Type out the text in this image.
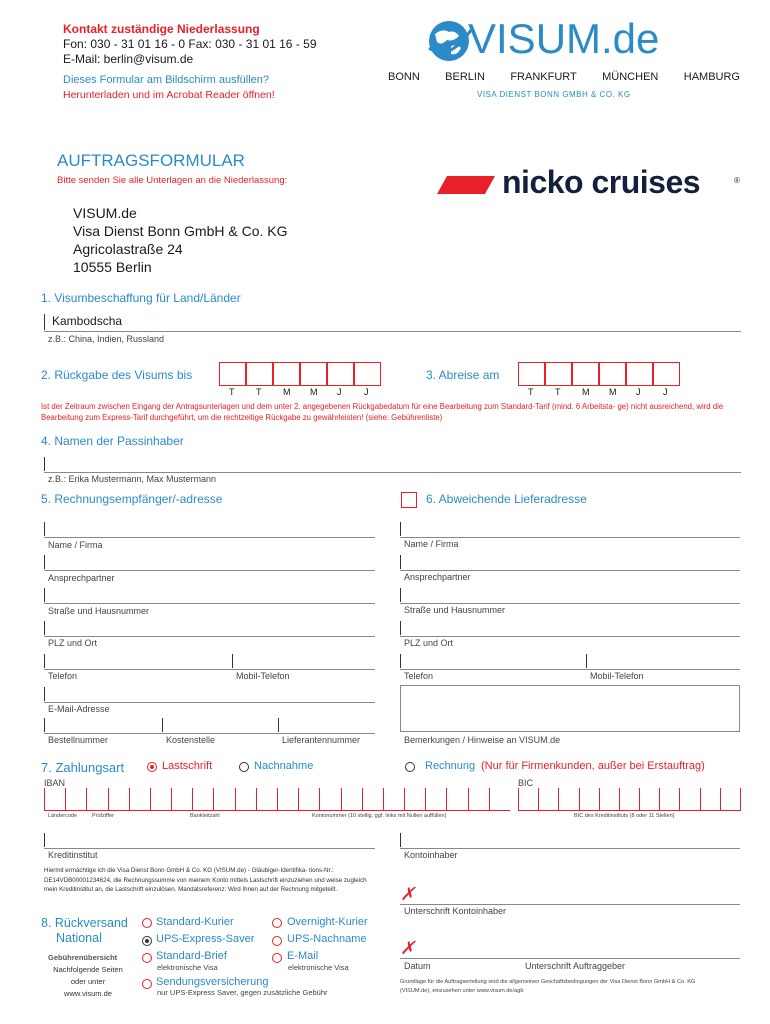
Kontakt zuständige Niederlassung
Fon: 030 - 31 01 16 - 0 Fax: 030 - 31 01 16 - 59
E-Mail: berlin@visum.de
Dieses Formular am Bildschirm ausfüllen?
Herunterladen und im Acrobat Reader öffnen!
VISUM.de
BONN BERLIN FRANKFURT MÜNCHEN HAMBURG
VISA DIENST BONN GMBH & CO. KG
nicko cruises	®
AUFTRAGSFORMULAR
Bitte senden Sie alle Unterlagen an die Niederlassung:
VISUM.de
Visa Dienst Bonn GmbH & Co. KG
Agricolastraße 24
10555 Berlin
1. Visumbeschaffung für Land/Länder
Kambodscha
z.B.: China, Indien, Russland
2. Rückgabe des Visums bis
T T M M J	J
3. Abreise am
T T M M J	J
Ist der Zeitraum zwischen Eingang der Antragsunterlagen und dem unter 2. angegebenen Rückgabedatum für eine Bearbeitung zum Standard-Tarif (mind. 6 Arbeitsta- ge) nicht ausreichend, wird die Bearbeitung zum Express-Tarif durchgeführt, um die rechtzeitige Rückgabe zu gewährleisten! (siehe: Gebührenliste)
4. Namen der Passinhaber
z.B.: Erika Mustermann, Max Mustermann
5. Rechnungsempfänger/-adresse
Name / Firma
Ansprechpartner
Straße und Hausnummer
PLZ und Ort
Telefon	Mobil-Telefon
E-Mail-Adresse
Bestellnummer	Kostenstelle	Lieferantennummer
6. Abweichende Lieferadresse
Name / Firma
Ansprechpartner
Straße und Hausnummer
PLZ und Ort
Telefon	Mobil-Telefon
Bemerkungen / Hinweise an VISUM.de
7. Zahlungsart	Lastschrift	Nachnahme	Rechnung (Nur für Firmenkunden, außer bei Erstauftrag)
IBAN	BIC
Ländercode	Prüfziffer	Bankleitzahl	Kontonummer (10 stellig, ggf. links mit Nullen auffüllen)	BIC des Kreditinstituts (8 oder 11 Stellen)
Kreditinstitut	Kontoinhaber
Hiermit ermächtige ich die Visa Dienst Bonn GmbH & Co. KG (VISUM.de) - Gläubiger-Identifika- tions-Nr.: DE14VDB00001234624, die Rechnungssumme von meinem Konto mittels Lastschrift einzuziehen und weise zugleich mein Kreditinstitut an, die Lastschrift einzulösen. Mandatsreferenz: Wird Ihnen auf der Rechnung mitgeteilt.	✗
Unterschrift Kontoinhaber
8. Rückversand
National
Gebührenübersicht
Nachfolgende Seiten
oder unter
www.visum.de
Standard-Kurier	Overnight-Kurier
UPS-Express-Saver	UPS-Nachname
Standard-Brief
elektronische Visa
E-Mail
elektronische Visa
Sendungsversicherung
nur UPS-Express Saver, gegen zusätzliche Gebühr
✗
Datum	Unterschrift Auftraggeber
Grundlage für die Auftragserteilung sind die allgemeinen Geschäftsbedingungen der Visa Dienst Bonn GmbH & Co. KG (VISUM.de), einzusehen unter www.visum.de/agb
